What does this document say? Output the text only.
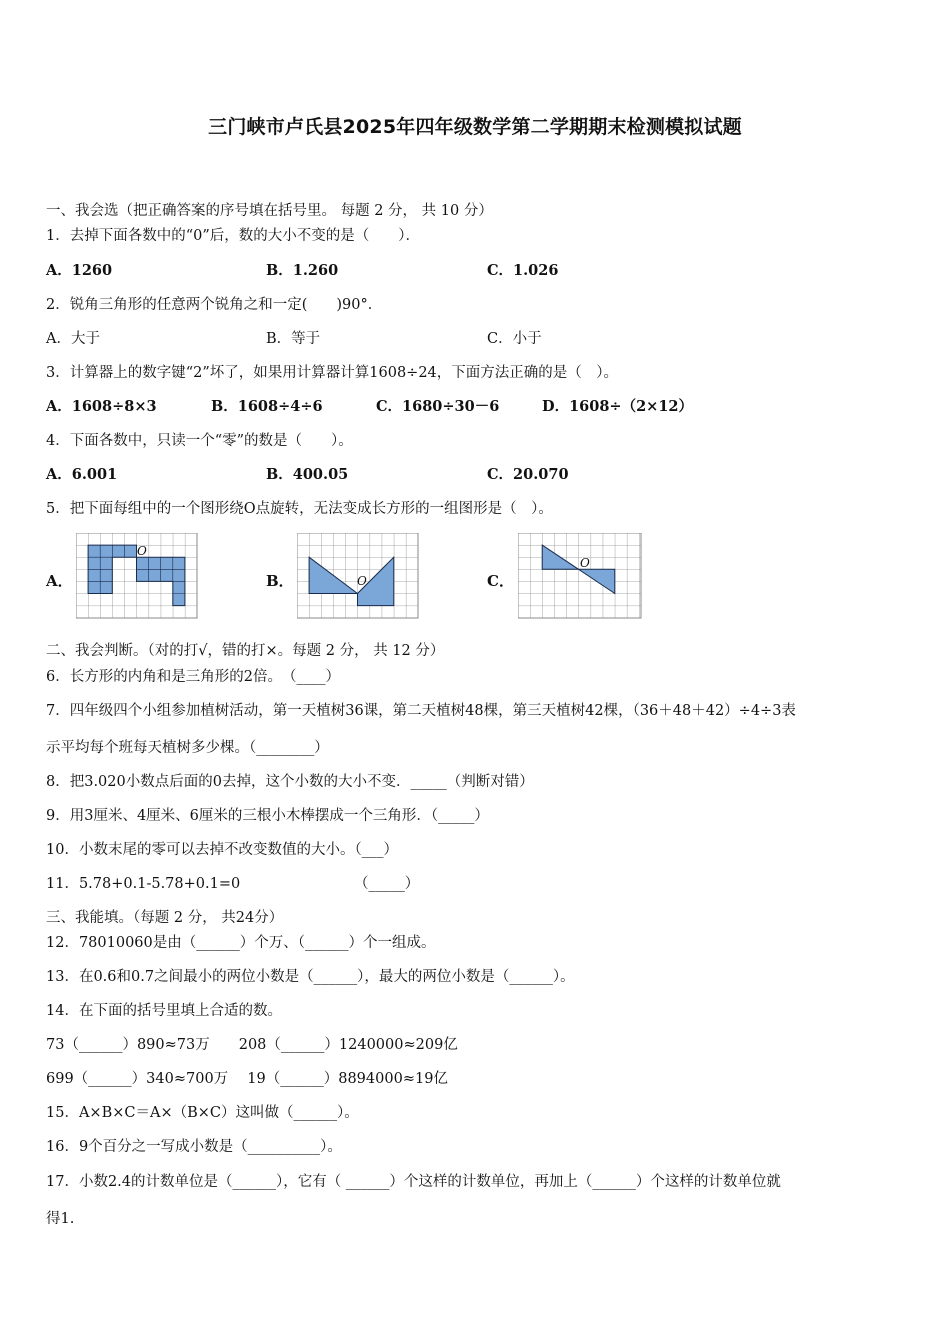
三门峡市卢氏县2025年四年级数学第二学期期末检测模拟试题
一、我会选（把正确答案的序号填在括号里。 每题 2 分， 共 10 分）
1．去掉下面各数中的“0”后，数的大小不变的是（　　）．
A．1260	B．1.260	C．1.026
2．锐角三角形的任意两个锐角之和一定(　　)90°．
A．大于	B．等于	C．小于
3．计算器上的数字键“2”坏了，如果用计算器计算1608÷24，下面方法正确的是（　）。
A．1608÷8×3	B．1608÷4÷6	C．1680÷30－6	D．1608÷（2×12）
4．下面各数中，只读一个“零”的数是（　　）。
A．6.001	B．400.05	C．20.070
5．把下面每组中的一个图形绕O点旋转，无法变成长方形的一组图形是（　）。
A．	B．	C．
O
O
O
二、我会判断。（对的打√，错的打×。每题 2 分， 共 12 分）
6．长方形的内角和是三角形的2倍。　（____）
7．四年级四个小组参加植树活动，第一天植树36课，第二天植树48棵，第三天植树42棵，（36＋48＋42）÷4÷3表
示平均每个班每天植树多少棵。（________）
8．把3.020小数点后面的0去掉，这个小数的大小不变．_____（判断对错）
9．用3厘米、4厘米、6厘米的三根小木棒摆成一个三角形．（_____）
10．小数末尾的零可以去掉不改变数值的大小。（___）
11．5.78+0.1-5.78+0.1=0	（_____）
三、我能填。（每题 2 分， 共24分）
12．78010060是由（______）个万、（______）个一组成。
13．在0.6和0.7之间最小的两位小数是（______），最大的两位小数是（______）。
14．在下面的括号里填上合适的数。
73（______）890≈73万　　208（______）1240000≈209亿
699（______）340≈700万　 19（______）8894000≈19亿
15．A×B×C＝A×（B×C）这叫做（______）。
16．9个百分之一写成小数是（__________）。
17．小数2.4的计数单位是（______），它有（ ______）个这样的计数单位，再加上（______）个这样的计数单位就
得1.
